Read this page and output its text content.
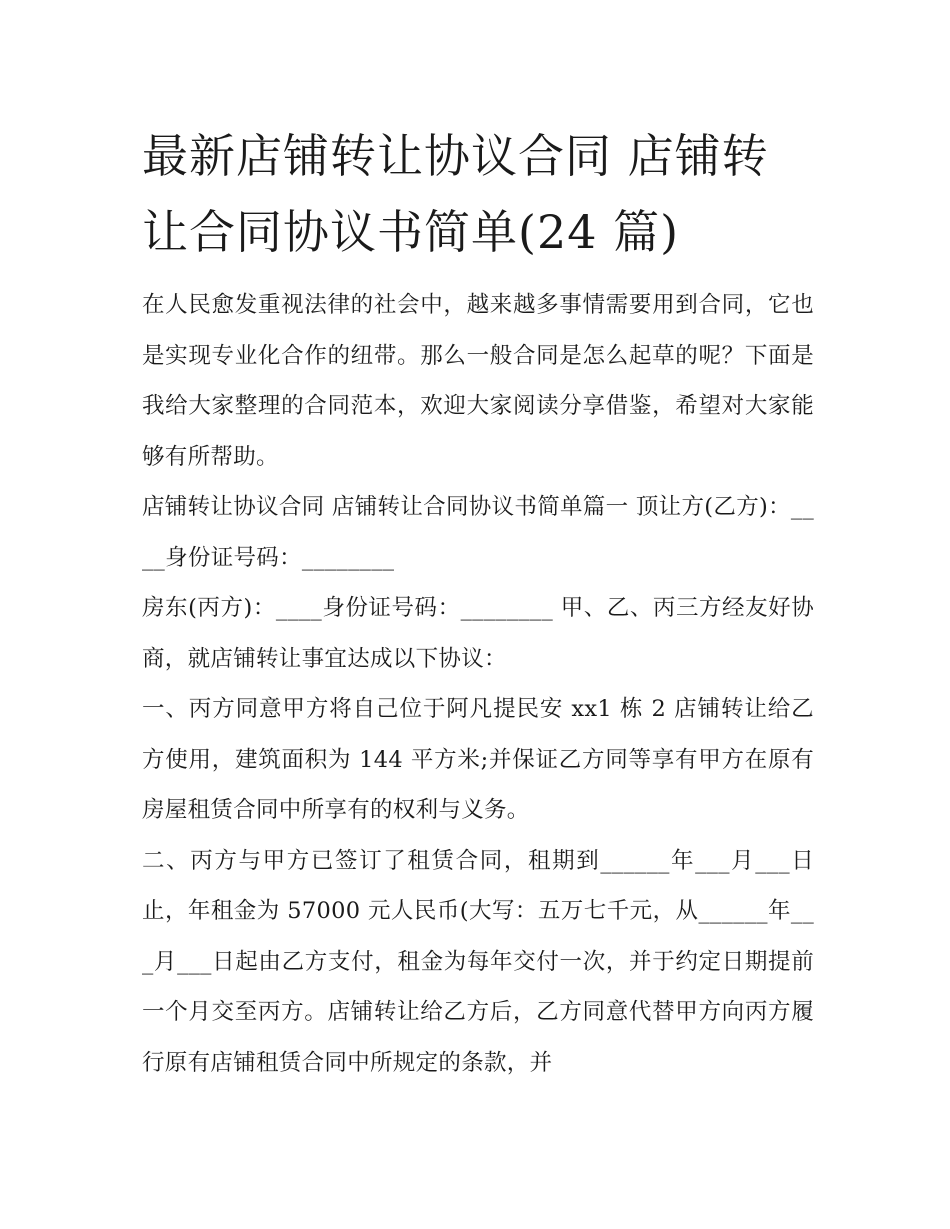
最新店铺转让协议合同 店铺转让合同协议书简单(24 篇)

在人民愈发重视法律的社会中，越来越多事情需要用到合同，它也是实现专业化合作的纽带。那么一般合同是怎么起草的呢？下面是我给大家整理的合同范本，欢迎大家阅读分享借鉴，希望对大家能够有所帮助。

店铺转让协议合同 店铺转让合同协议书简单篇一 顶让方(乙方)：____身份证号码：________

房东(丙方)：____身份证号码：________ 甲、乙、丙三方经友好协商，就店铺转让事宜达成以下协议：

一、丙方同意甲方将自己位于阿凡提民安 xx1 栋 2 店铺转让给乙方使用，建筑面积为 144 平方米;并保证乙方同等享有甲方在原有房屋租赁合同中所享有的权利与义务。

二、丙方与甲方已签订了租赁合同，租期到______年___月___日止，年租金为 57000 元人民币(大写：五万七千元，从______年___月___日起由乙方支付，租金为每年交付一次，并于约定日期提前一个月交至丙方。店铺转让给乙方后，乙方同意代替甲方向丙方履行原有店铺租赁合同中所规定的条款，并
